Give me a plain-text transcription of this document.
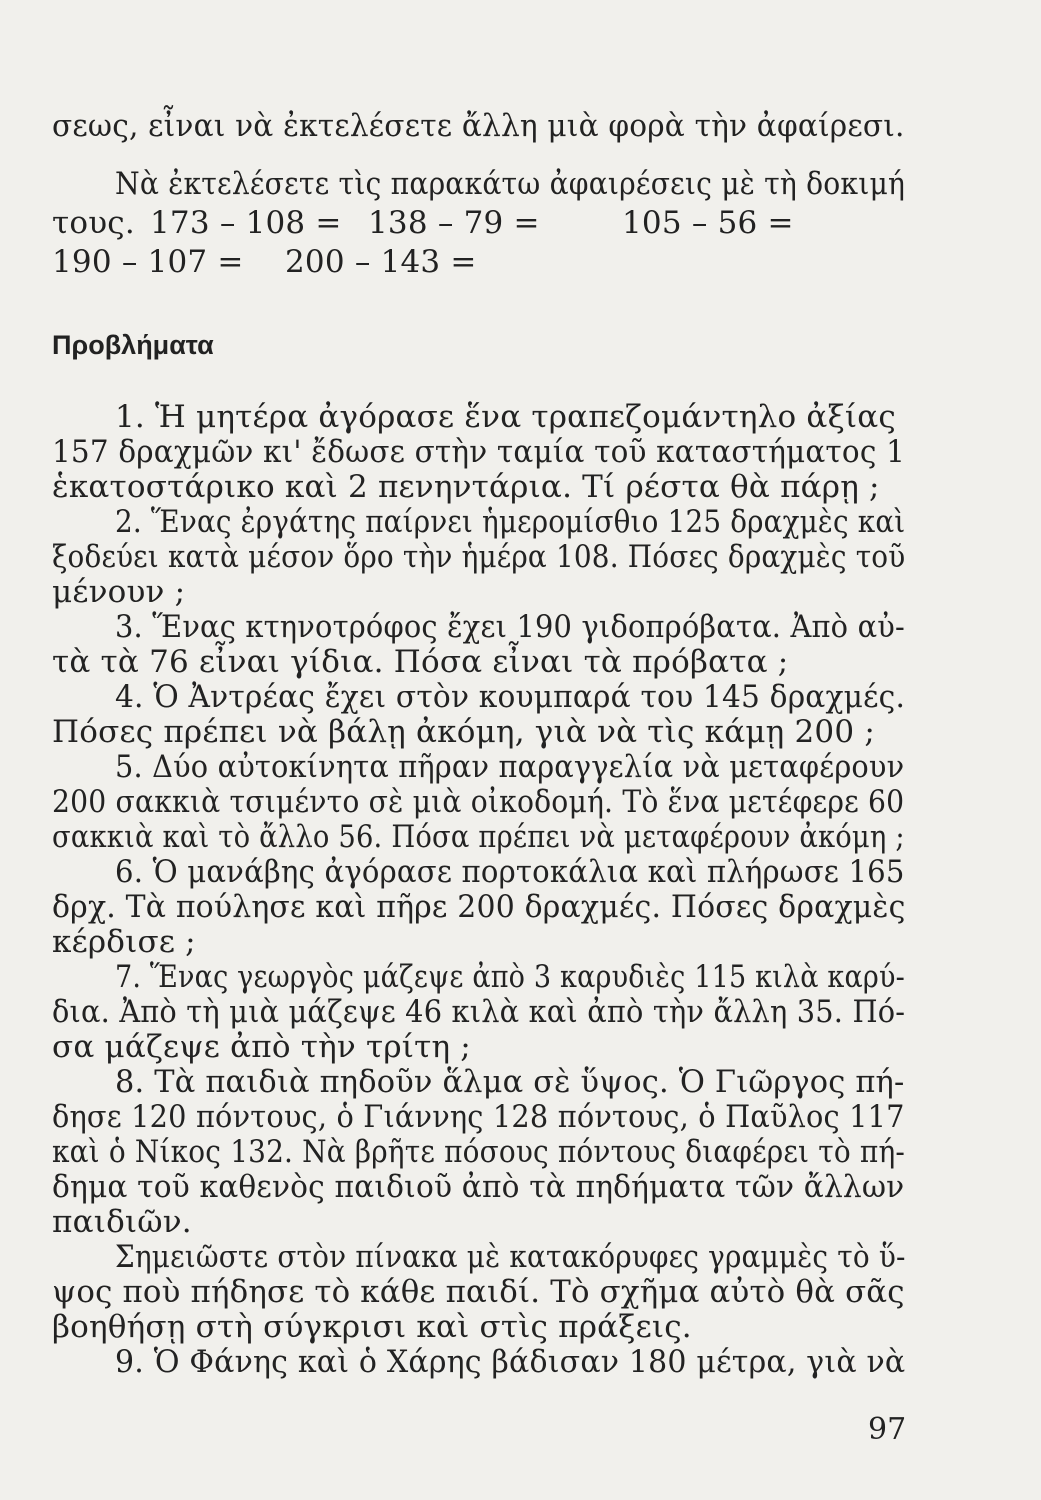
σεως, εἶναι νὰ ἐκτελέσετε ἄλλη μιὰ φορὰ τὴν ἀφαίρεσι.
Νὰ ἐκτελέσετε τὶς παρακάτω ἀφαιρέσεις μὲ τὴ δοκιμή
τους. 173 – 108 = 138 – 79 =	105 – 56 =
190 – 107 = 200 – 143 =
Προβλήματα
1. Ἡ μητέρα ἀγόρασε ἕνα τραπεζομάντηλο ἀξίας
157 δραχμῶν κι' ἔδωσε στὴν ταμία τοῦ καταστήματος 1
ἑκατοστάρικο καὶ 2 πενηντάρια. Τί ρέστα θὰ πάρῃ ;
2. Ἕνας ἐργάτης παίρνει ἡμερομίσθιο 125 δραχμὲς καὶ
ξοδεύει κατὰ μέσον ὅρο τὴν ἡμέρα 108. Πόσες δραχμὲς τοῦ
μένουν ;
3. Ἕνας κτηνοτρόφος ἔχει 190 γιδοπρόβατα. Ἀπὸ αὐ-
τὰ τὰ 76 εἶναι γίδια. Πόσα εἶναι τὰ πρόβατα ;
4. Ὁ Ἀντρέας ἔχει στὸν κουμπαρά του 145 δραχμές.
Πόσες πρέπει νὰ βάλῃ ἀκόμη, γιὰ νὰ τὶς κάμῃ 200 ;
5. Δύο αὐτοκίνητα πῆραν παραγγελία νὰ μεταφέρουν
200 σακκιὰ τσιμέντο σὲ μιὰ οἰκοδομή. Τὸ ἕνα μετέφερε 60
σακκιὰ καὶ τὸ ἄλλο 56. Πόσα πρέπει νὰ μεταφέρουν ἀκόμη ;
6. Ὁ μανάβης ἀγόρασε πορτοκάλια καὶ πλήρωσε 165
δρχ. Τὰ πούλησε καὶ πῆρε 200 δραχμές. Πόσες δραχμὲς
κέρδισε ;
7. Ἕνας γεωργὸς μάζεψε ἀπὸ 3 καρυδιὲς 115 κιλὰ καρύ-
δια. Ἀπὸ τὴ μιὰ μάζεψε 46 κιλὰ καὶ ἀπὸ τὴν ἄλλη 35. Πό-
σα μάζεψε ἀπὸ τὴν τρίτη ;
8. Τὰ παιδιὰ πηδοῦν ἅλμα σὲ ὕψος. Ὁ Γιῶργος πή-
δησε 120 πόντους, ὁ Γιάννης 128 πόντους, ὁ Παῦλος 117
καὶ ὁ Νίκος 132. Νὰ βρῆτε πόσους πόντους διαφέρει τὸ πή-
δημα τοῦ καθενὸς παιδιοῦ ἀπὸ τὰ πηδήματα τῶν ἄλλων
παιδιῶν.
Σημειῶστε στὸν πίνακα μὲ κατακόρυφες γραμμὲς τὸ ὕ-
ψος ποὺ πήδησε τὸ κάθε παιδί. Τὸ σχῆμα αὐτὸ θὰ σᾶς
βοηθήσῃ στὴ σύγκρισι καὶ στὶς πράξεις.
9. Ὁ Φάνης καὶ ὁ Χάρης βάδισαν 180 μέτρα, γιὰ νὰ
97
